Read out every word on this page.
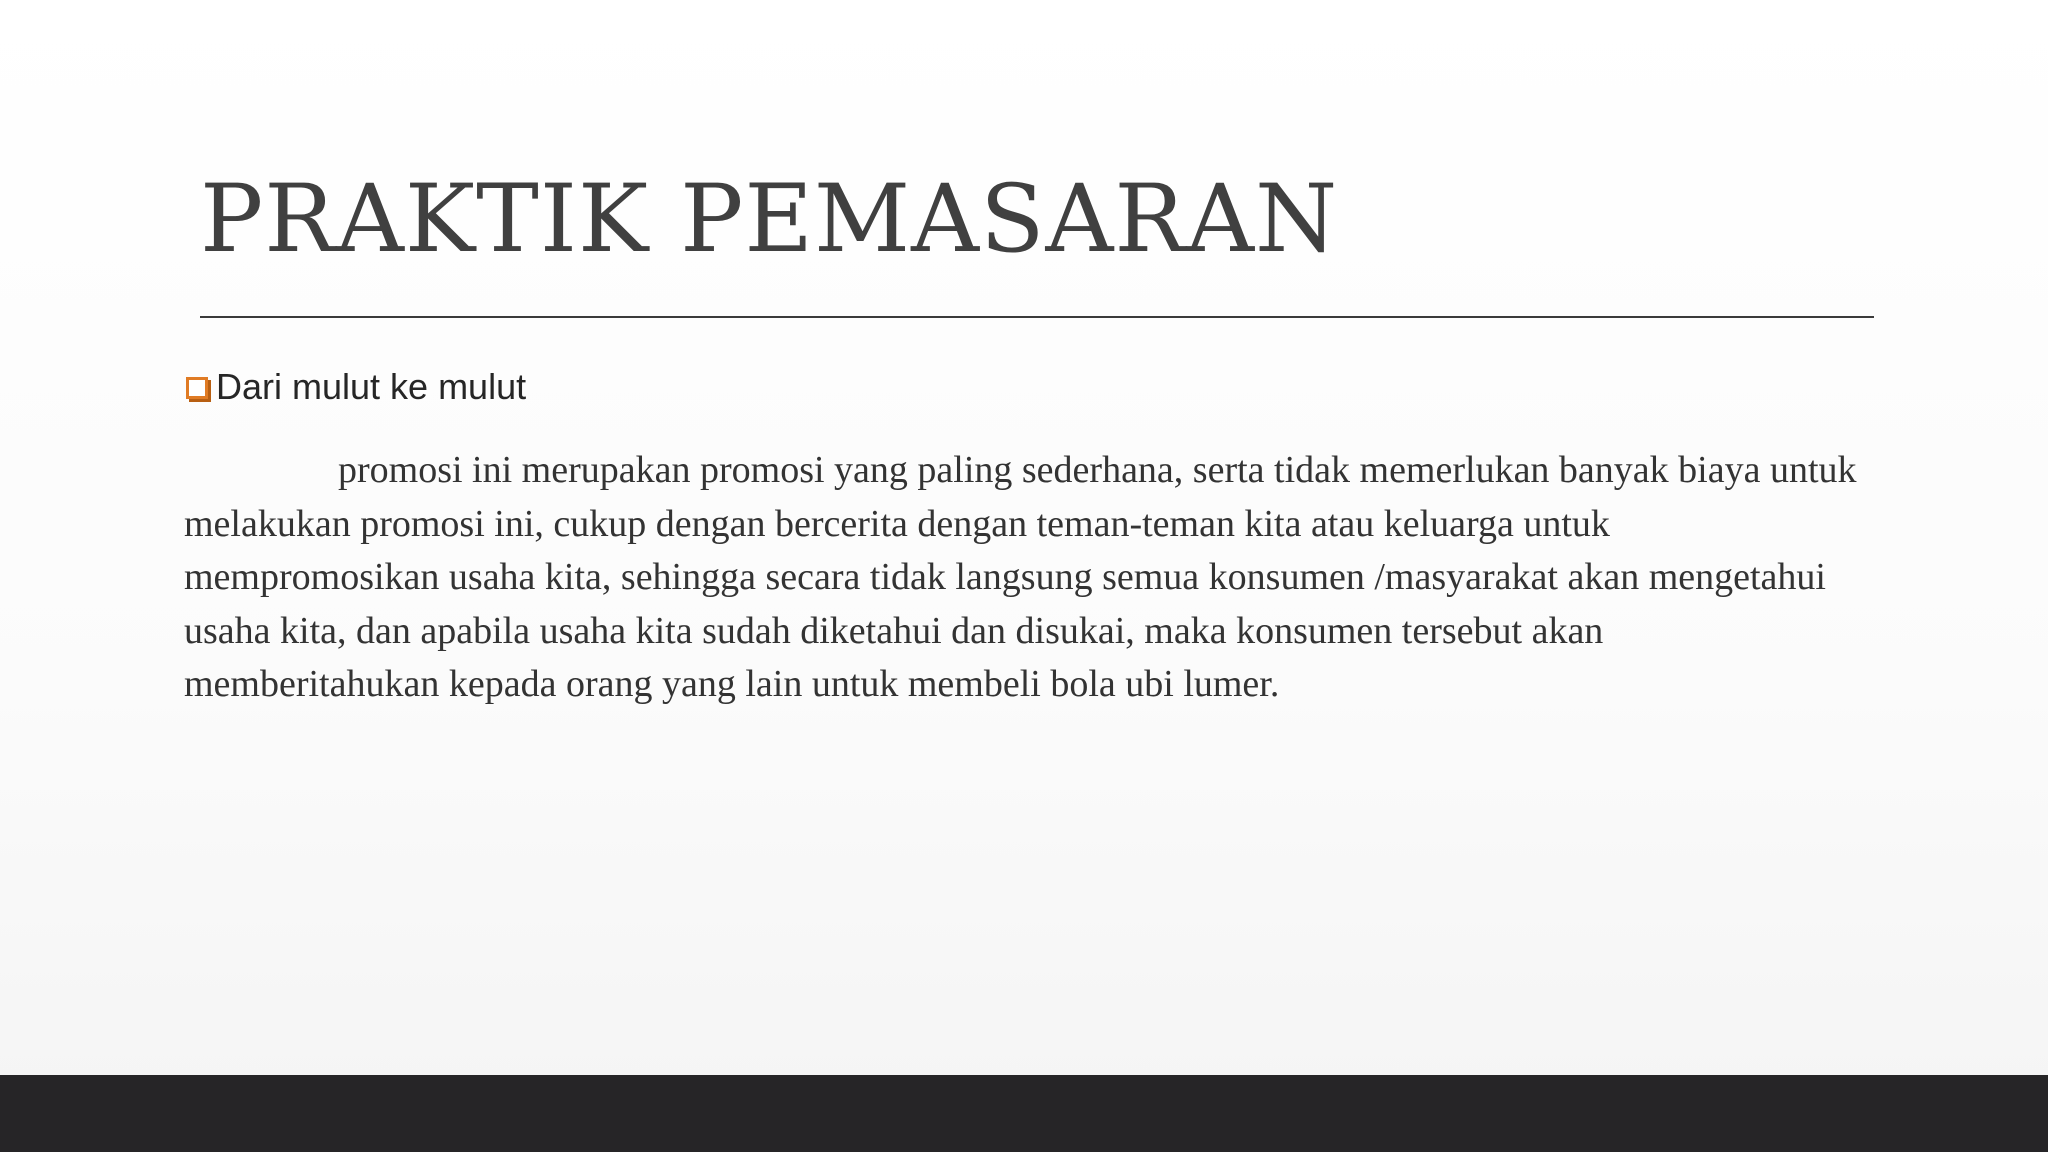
PRAKTIK PEMASARAN
Dari mulut ke mulut

promosi ini merupakan promosi yang paling sederhana, serta tidak memerlukan banyak biaya untuk melakukan promosi ini, cukup dengan bercerita dengan teman-teman kita atau keluarga untuk mempromosikan usaha kita, sehingga secara tidak langsung semua konsumen /masyarakat akan mengetahui usaha kita, dan apabila usaha kita sudah diketahui dan disukai, maka konsumen tersebut akan memberitahukan kepada orang yang lain untuk membeli bola ubi lumer.
